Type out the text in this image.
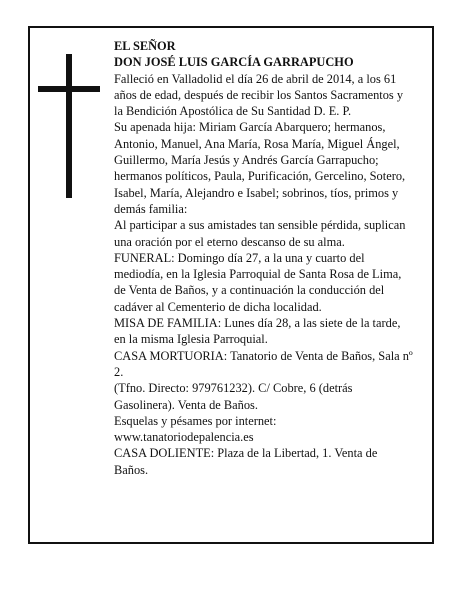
EL SEÑOR

DON JOSÉ LUIS GARCÍA GARRAPUCHO

Falleció en Valladolid el día 26 de abril de 2014, a los 61 años de edad, después de recibir los Santos Sacramentos y la Bendición Apostólica de Su Santidad D. E. P.

Su apenada hija: Miriam García Abarquero; hermanos, Antonio, Manuel, Ana María, Rosa María, Miguel Ángel, Guillermo, María Jesús y Andrés García Garrapucho; hermanos políticos, Paula, Purificación, Gercelino, Sotero, Isabel, María, Alejandro e Isabel; sobrinos, tíos, primos y demás familia:

Al participar a sus amistades tan sensible pérdida, suplican una oración por el eterno descanso de su alma.

FUNERAL: Domingo día 27, a la una y cuarto del mediodía, en la Iglesia Parroquial de Santa Rosa de Lima, de Venta de Baños, y a continuación la conducción del cadáver al Cementerio de dicha localidad.

MISA DE FAMILIA: Lunes día 28, a las siete de la tarde, en la misma Iglesia Parroquial.

CASA MORTUORIA: Tanatorio de Venta de Baños, Sala nº 2.

(Tfno. Directo: 979761232). C/ Cobre, 6 (detrás Gasolinera). Venta de Baños.

Esquelas y pésames por internet: www.tanatoriodepalencia.es

CASA DOLIENTE: Plaza de la Libertad, 1. Venta de Baños.
